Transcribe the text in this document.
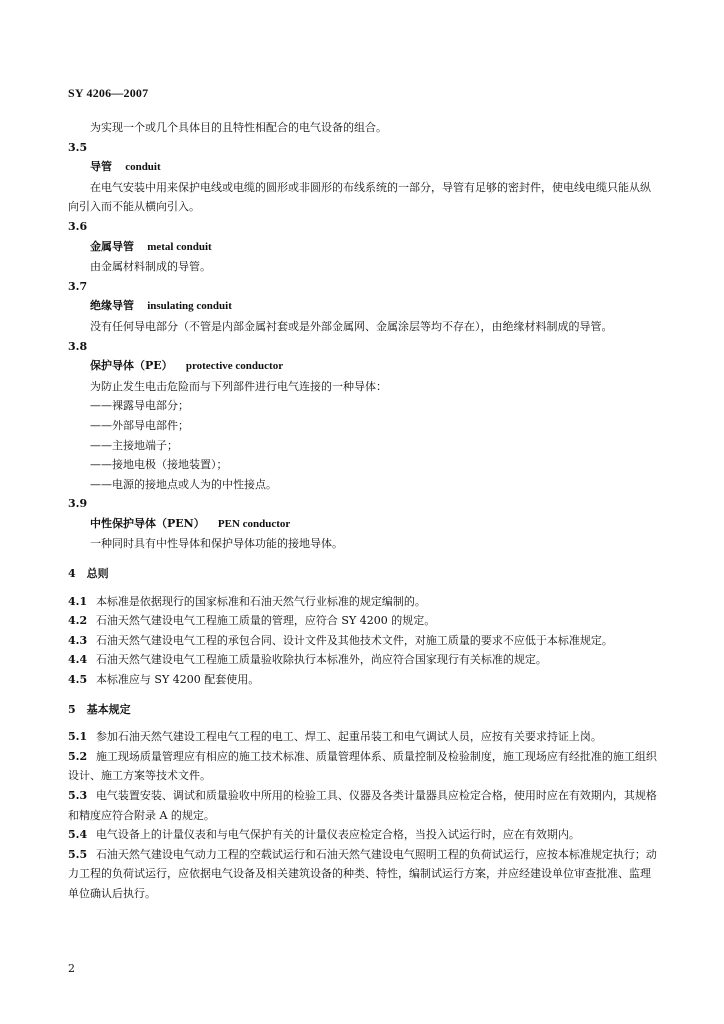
SY 4206—2007

为实现一个或几个具体目的且特性相配合的电气设备的组合。

3.5

导管 conduit

在电气安装中用来保护电线或电缆的圆形或非圆形的布线系统的一部分，导管有足够的密封件，使电线电缆只能从纵向引入而不能从横向引入。

3.6

金属导管 metal conduit

由金属材料制成的导管。

3.7

绝缘导管 insulating conduit

没有任何导电部分（不管是内部金属衬套或是外部金属网、金属涂层等均不存在），由绝缘材料制成的导管。

3.8

保护导体（PE） protective conductor

为防止发生电击危险而与下列部件进行电气连接的一种导体：

——裸露导电部分；

——外部导电部件；

——主接地端子；

——接地电极（接地装置）；

——电源的接地点或人为的中性接点。

3.9

中性保护导体（PEN） PEN conductor

一种同时具有中性导体和保护导体功能的接地导体。

4　总则

4.1 本标准是依据现行的国家标准和石油天然气行业标准的规定编制的。

4.2 石油天然气建设电气工程施工质量的管理，应符合 SY 4200 的规定。

4.3 石油天然气建设电气工程的承包合同、设计文件及其他技术文件，对施工质量的要求不应低于本标准规定。

4.4 石油天然气建设电气工程施工质量验收除执行本标准外，尚应符合国家现行有关标准的规定。

4.5 本标准应与 SY 4200 配套使用。

5　基本规定

5.1 参加石油天然气建设工程电气工程的电工、焊工、起重吊装工和电气调试人员，应按有关要求持证上岗。

5.2 施工现场质量管理应有相应的施工技术标准、质量管理体系、质量控制及检验制度，施工现场应有经批准的施工组织设计、施工方案等技术文件。

5.3 电气装置安装、调试和质量验收中所用的检验工具、仪器及各类计量器具应检定合格，使用时应在有效期内，其规格和精度应符合附录 A 的规定。

5.4 电气设备上的计量仪表和与电气保护有关的计量仪表应检定合格，当投入试运行时，应在有效期内。

5.5 石油天然气建设电气动力工程的空载试运行和石油天然气建设电气照明工程的负荷试运行，应按本标准规定执行；动力工程的负荷试运行，应依据电气设备及相关建筑设备的种类、特性，编制试运行方案，并应经建设单位审查批准、监理单位确认后执行。

2
